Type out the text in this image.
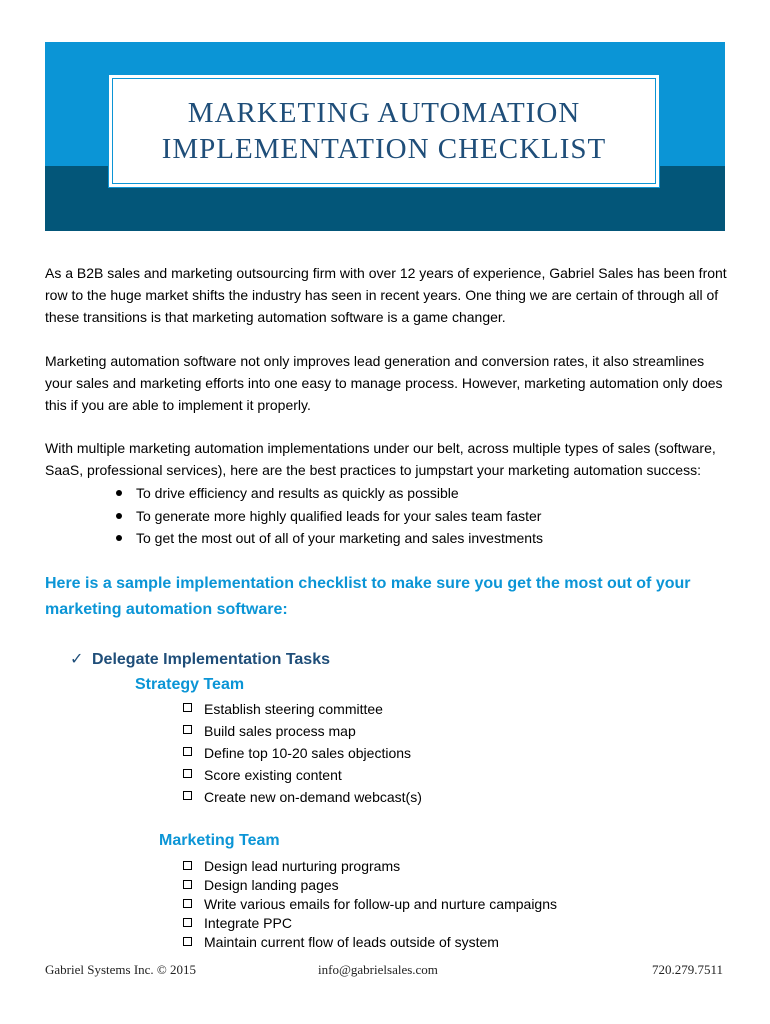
MARKETING AUTOMATION
IMPLEMENTATION CHECKLIST
As a B2B sales and marketing outsourcing firm with over 12 years of experience, Gabriel Sales has been front
row to the huge market shifts the industry has seen in recent years. One thing we are certain of through all of
these transitions is that marketing automation software is a game changer.
Marketing automation software not only improves lead generation and conversion rates, it also streamlines
your sales and marketing efforts into one easy to manage process. However, marketing automation only does
this if you are able to implement it properly.
With multiple marketing automation implementations under our belt, across multiple types of sales (software,
SaaS, professional services), here are the best practices to jumpstart your marketing automation success:
To drive efficiency and results as quickly as possible
To generate more highly qualified leads for your sales team faster
To get the most out of all of your marketing and sales investments
Here is a sample implementation checklist to make sure you get the most out of your
marketing automation software:
✓ Delegate Implementation Tasks
Strategy Team
Establish steering committee
Build sales process map
Define top 10-20 sales objections
Score existing content
Create new on-demand webcast(s)
Marketing Team
Design lead nurturing programs
Design landing pages
Write various emails for follow-up and nurture campaigns
Integrate PPC
Maintain current flow of leads outside of system
Gabriel Systems Inc. © 2015	info@gabrielsales.com	720.279.7511
